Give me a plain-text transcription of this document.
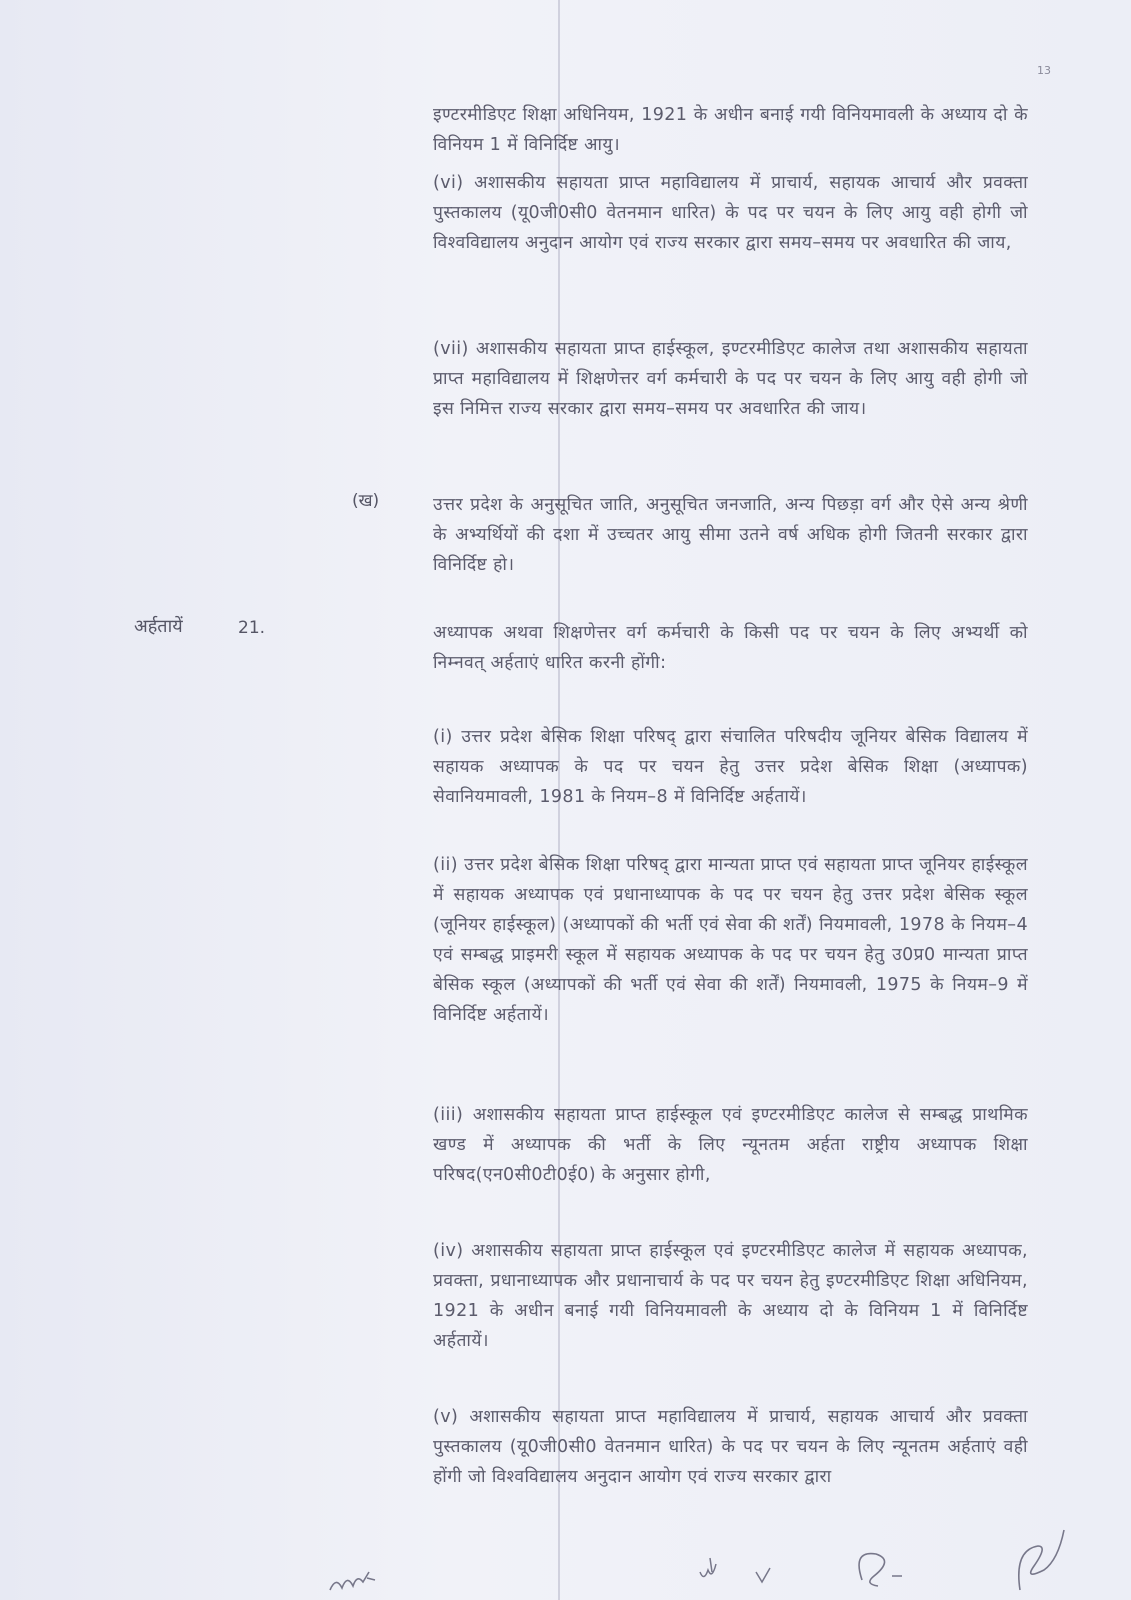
13
अर्हतायें	21.
(ख)
इण्टरमीडिएट शिक्षा अधिनियम, 1921 के अधीन बनाई गयी विनियमावली के अध्याय दो के विनियम 1 में विनिर्दिष्ट आयु।
(vi) अशासकीय सहायता प्राप्त महाविद्यालय में प्राचार्य, सहायक आचार्य और प्रवक्ता पुस्तकालय (यू0जी0सी0 वेतनमान धारित) के पद पर चयन के लिए आयु वही होगी जो विश्वविद्यालय अनुदान आयोग एवं राज्य सरकार द्वारा समय–समय पर अवधारित की जाय,
(vii) अशासकीय सहायता प्राप्त हाईस्कूल, इण्टरमीडिएट कालेज तथा अशासकीय सहायता प्राप्त महाविद्यालय में शिक्षणेत्तर वर्ग कर्मचारी के पद पर चयन के लिए आयु वही होगी जो इस निमित्त राज्य सरकार द्वारा समय–समय पर अवधारित की जाय।
उत्तर प्रदेश के अनुसूचित जाति, अनुसूचित जनजाति, अन्य पिछड़ा वर्ग और ऐसे अन्य श्रेणी के अभ्यर्थियों की दशा में उच्चतर आयु सीमा उतने वर्ष अधिक होगी जितनी सरकार द्वारा विनिर्दिष्ट हो।
अध्यापक अथवा शिक्षणेत्तर वर्ग कर्मचारी के किसी पद पर चयन के लिए अभ्यर्थी को निम्नवत् अर्हताएं धारित करनी होंगी:
(i) उत्तर प्रदेश बेसिक शिक्षा परिषद् द्वारा संचालित परिषदीय जूनियर बेसिक विद्यालय में सहायक अध्यापक के पद पर चयन हेतु उत्तर प्रदेश बेसिक शिक्षा (अध्यापक) सेवानियमावली, 1981 के नियम–8 में विनिर्दिष्ट अर्हतायें।
(ii) उत्तर प्रदेश बेसिक शिक्षा परिषद् द्वारा मान्यता प्राप्त एवं सहायता प्राप्त जूनियर हाईस्कूल में सहायक अध्यापक एवं प्रधानाध्यापक के पद पर चयन हेतु उत्तर प्रदेश बेसिक स्कूल (जूनियर हाईस्कूल) (अध्यापकों की भर्ती एवं सेवा की शर्तें) नियमावली, 1978 के नियम–4 एवं सम्बद्ध प्राइमरी स्कूल में सहायक अध्यापक के पद पर चयन हेतु उ0प्र0 मान्यता प्राप्त बेसिक स्कूल (अध्यापकों की भर्ती एवं सेवा की शर्तें) नियमावली, 1975 के नियम–9 में विनिर्दिष्ट अर्हतायें।
(iii) अशासकीय सहायता प्राप्त हाईस्कूल एवं इण्टरमीडिएट कालेज से सम्बद्ध प्राथमिक खण्ड में अध्यापक की भर्ती के लिए न्यूनतम अर्हता राष्ट्रीय अध्यापक शिक्षा परिषद(एन0सी0टी0ई0) के अनुसार होगी,
(iv) अशासकीय सहायता प्राप्त हाईस्कूल एवं इण्टरमीडिएट कालेज में सहायक अध्यापक, प्रवक्ता, प्रधानाध्यापक और प्रधानाचार्य के पद पर चयन हेतु इण्टरमीडिएट शिक्षा अधिनियम, 1921 के अधीन बनाई गयी विनियमावली के अध्याय दो के विनियम 1 में विनिर्दिष्ट अर्हतायें।
(v) अशासकीय सहायता प्राप्त महाविद्यालय में प्राचार्य, सहायक आचार्य और प्रवक्ता पुस्तकालय (यू0जी0सी0 वेतनमान धारित) के पद पर चयन के लिए न्यूनतम अर्हताएं वही होंगी जो विश्वविद्यालय अनुदान आयोग एवं राज्य सरकार द्वारा
